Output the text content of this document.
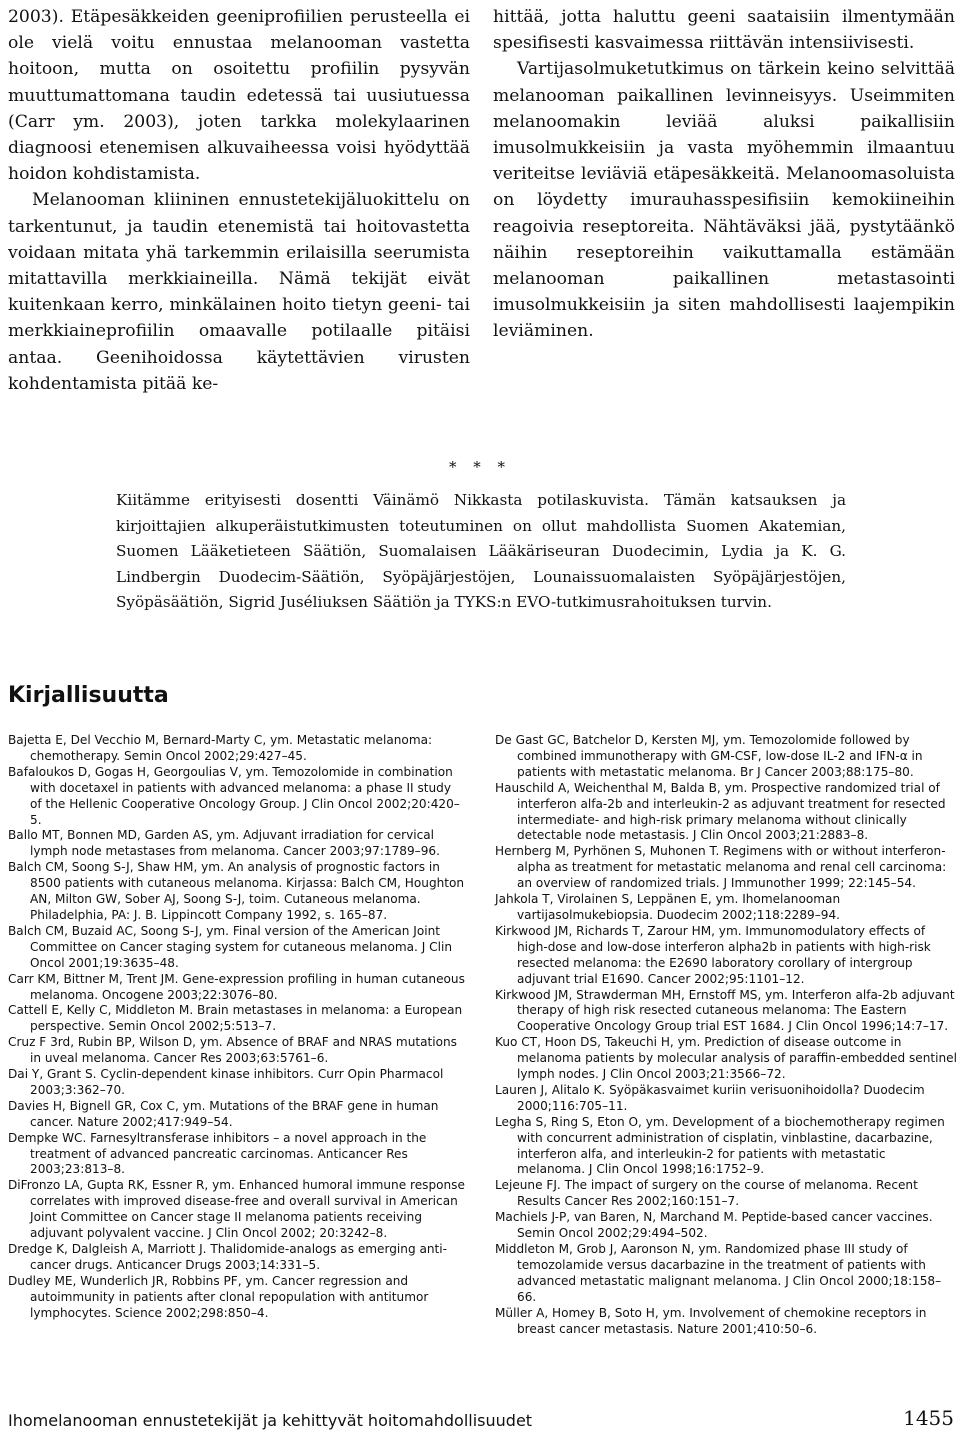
2003). Etäpesäkkeiden geeniprofiilien perusteella ei ole vielä voitu ennustaa melanooman vastetta hoitoon, mutta on osoitettu profiilin pysyvän muuttumattomana taudin edetessä tai uusiutuessa (Carr ym. 2003), joten tarkka molekylaarinen diagnoosi etenemisen alkuvaiheessa voisi hyödyttää hoidon kohdistamista.

Melanooman kliininen ennustetekijäluokittelu on tarkentunut, ja taudin etenemistä tai hoitovastetta voidaan mitata yhä tarkemmin erilaisilla seerumista mitattavilla merkkiaineilla. Nämä tekijät eivät kuitenkaan kerro, minkälainen hoito tietyn geeni- tai merkkiaineprofiilin omaavalle potilaalle pitäisi antaa. Geenihoidossa käytettävien virusten kohdentamista pitää ke-

hittää, jotta haluttu geeni saataisiin ilmentymään spesifisesti kasvaimessa riittävän intensiivisesti.

Vartijasolmuketutkimus on tärkein keino selvittää melanooman paikallinen levinneisyys. Useimmiten melanoomakin leviää aluksi paikallisiin imusolmukkeisiin ja vasta myöhemmin ilmaantuu veriteitse leviäviä etäpesäkkeitä. Melanoomasoluista on löydetty imurauhasspesifisiin kemokiineihin reagoivia reseptoreita. Nähtäväksi jää, pystytäänkö näihin reseptoreihin vaikuttamalla estämään melanooman paikallinen metastasointi imusolmukkeisiin ja siten mahdollisesti laajempikin leviäminen.

* * *
Kiitämme erityisesti dosentti Väinämö Nikkasta potilaskuvista. Tämän katsauksen ja kirjoittajien alkuperäistutkimusten toteutuminen on ollut mahdollista Suomen Akatemian, Suomen Lääketieteen Säätiön, Suomalaisen Lääkäriseuran Duodecimin, Lydia ja K. G. Lindbergin Duodecim-Säätiön, Syöpäjärjestöjen, Lounaissuomalaisten Syöpäjärjestöjen, Syöpäsäätiön, Sigrid Juséliuksen Säätiön ja TYKS:n EVO-tutkimusrahoituksen turvin.
Kirjallisuutta

Bajetta E, Del Vecchio M, Bernard-Marty C, ym. Metastatic melanoma: chemotherapy. Semin Oncol 2002;29:427–45.

Bafaloukos D, Gogas H, Georgoulias V, ym. Temozolomide in combination with docetaxel in patients with advanced melanoma: a phase II study of the Hellenic Cooperative Oncology Group. J Clin Oncol 2002;20:420–5.

Ballo MT, Bonnen MD, Garden AS, ym. Adjuvant irradiation for cervical lymph node metastases from melanoma. Cancer 2003;97:1789–96.

Balch CM, Soong S-J, Shaw HM, ym. An analysis of prognostic factors in 8500 patients with cutaneous melanoma. Kirjassa: Balch CM, Houghton AN, Milton GW, Sober AJ, Soong S-J, toim. Cutaneous melanoma. Philadelphia, PA: J. B. Lippincott Company 1992, s. 165–87.

Balch CM, Buzaid AC, Soong S-J, ym. Final version of the American Joint Committee on Cancer staging system for cutaneous melanoma. J Clin Oncol 2001;19:3635–48.

Carr KM, Bittner M, Trent JM. Gene-expression profiling in human cutaneous melanoma. Oncogene 2003;22:3076–80.

Cattell E, Kelly C, Middleton M. Brain metastases in melanoma: a European perspective. Semin Oncol 2002;5:513–7.

Cruz F 3rd, Rubin BP, Wilson D, ym. Absence of BRAF and NRAS mutations in uveal melanoma. Cancer Res 2003;63:5761–6.

Dai Y, Grant S. Cyclin-dependent kinase inhibitors. Curr Opin Pharmacol 2003;3:362–70.

Davies H, Bignell GR, Cox C, ym. Mutations of the BRAF gene in human cancer. Nature 2002;417:949–54.

Dempke WC. Farnesyltransferase inhibitors – a novel approach in the treatment of advanced pancreatic carcinomas. Anticancer Res 2003;23:813–8.

DiFronzo LA, Gupta RK, Essner R, ym. Enhanced humoral immune response correlates with improved disease-free and overall survival in American Joint Committee on Cancer stage II melanoma patients receiving adjuvant polyvalent vaccine. J Clin Oncol 2002; 20:3242–8.

Dredge K, Dalgleish A, Marriott J. Thalidomide-analogs as emerging anti-cancer drugs. Anticancer Drugs 2003;14:331–5.

Dudley ME, Wunderlich JR, Robbins PF, ym. Cancer regression and autoimmunity in patients after clonal repopulation with antitumor lymphocytes. Science 2002;298:850–4.

De Gast GC, Batchelor D, Kersten MJ, ym. Temozolomide followed by combined immunotherapy with GM-CSF, low-dose IL-2 and IFN-α in patients with metastatic melanoma. Br J Cancer 2003;88:175–80.

Hauschild A, Weichenthal M, Balda B, ym. Prospective randomized trial of interferon alfa-2b and interleukin-2 as adjuvant treatment for resected intermediate- and high-risk primary melanoma without clinically detectable node metastasis. J Clin Oncol 2003;21:2883–8.

Hernberg M, Pyrhönen S, Muhonen T. Regimens with or without interferon-alpha as treatment for metastatic melanoma and renal cell carcinoma: an overview of randomized trials. J Immunother 1999; 22:145–54.

Jahkola T, Virolainen S, Leppänen E, ym. Ihomelanooman vartijasolmukebiopsia. Duodecim 2002;118:2289–94.

Kirkwood JM, Richards T, Zarour HM, ym. Immunomodulatory effects of high-dose and low-dose interferon alpha2b in patients with high-risk resected melanoma: the E2690 laboratory corollary of intergroup adjuvant trial E1690. Cancer 2002;95:1101–12.

Kirkwood JM, Strawderman MH, Ernstoff MS, ym. Interferon alfa-2b adjuvant therapy of high risk resected cutaneous melanoma: The Eastern Cooperative Oncology Group trial EST 1684. J Clin Oncol 1996;14:7–17.

Kuo CT, Hoon DS, Takeuchi H, ym. Prediction of disease outcome in melanoma patients by molecular analysis of paraffin-embedded sentinel lymph nodes. J Clin Oncol 2003;21:3566–72.

Lauren J, Alitalo K. Syöpäkasvaimet kuriin verisuonihoidolla? Duodecim 2000;116:705–11.

Legha S, Ring S, Eton O, ym. Development of a biochemotherapy regimen with concurrent administration of cisplatin, vinblastine, dacarbazine, interferon alfa, and interleukin-2 for patients with metastatic melanoma. J Clin Oncol 1998;16:1752–9.

Lejeune FJ. The impact of surgery on the course of melanoma. Recent Results Cancer Res 2002;160:151–7.

Machiels J-P, van Baren, N, Marchand M. Peptide-based cancer vaccines. Semin Oncol 2002;29:494–502.

Middleton M, Grob J, Aaronson N, ym. Randomized phase III study of temozolamide versus dacarbazine in the treatment of patients with advanced metastatic malignant melanoma. J Clin Oncol 2000;18:158–66.

Müller A, Homey B, Soto H, ym. Involvement of chemokine receptors in breast cancer metastasis. Nature 2001;410:50–6.

Ihomelanooman ennustetekijät ja kehittyvät hoitomahdollisuudet	1455
